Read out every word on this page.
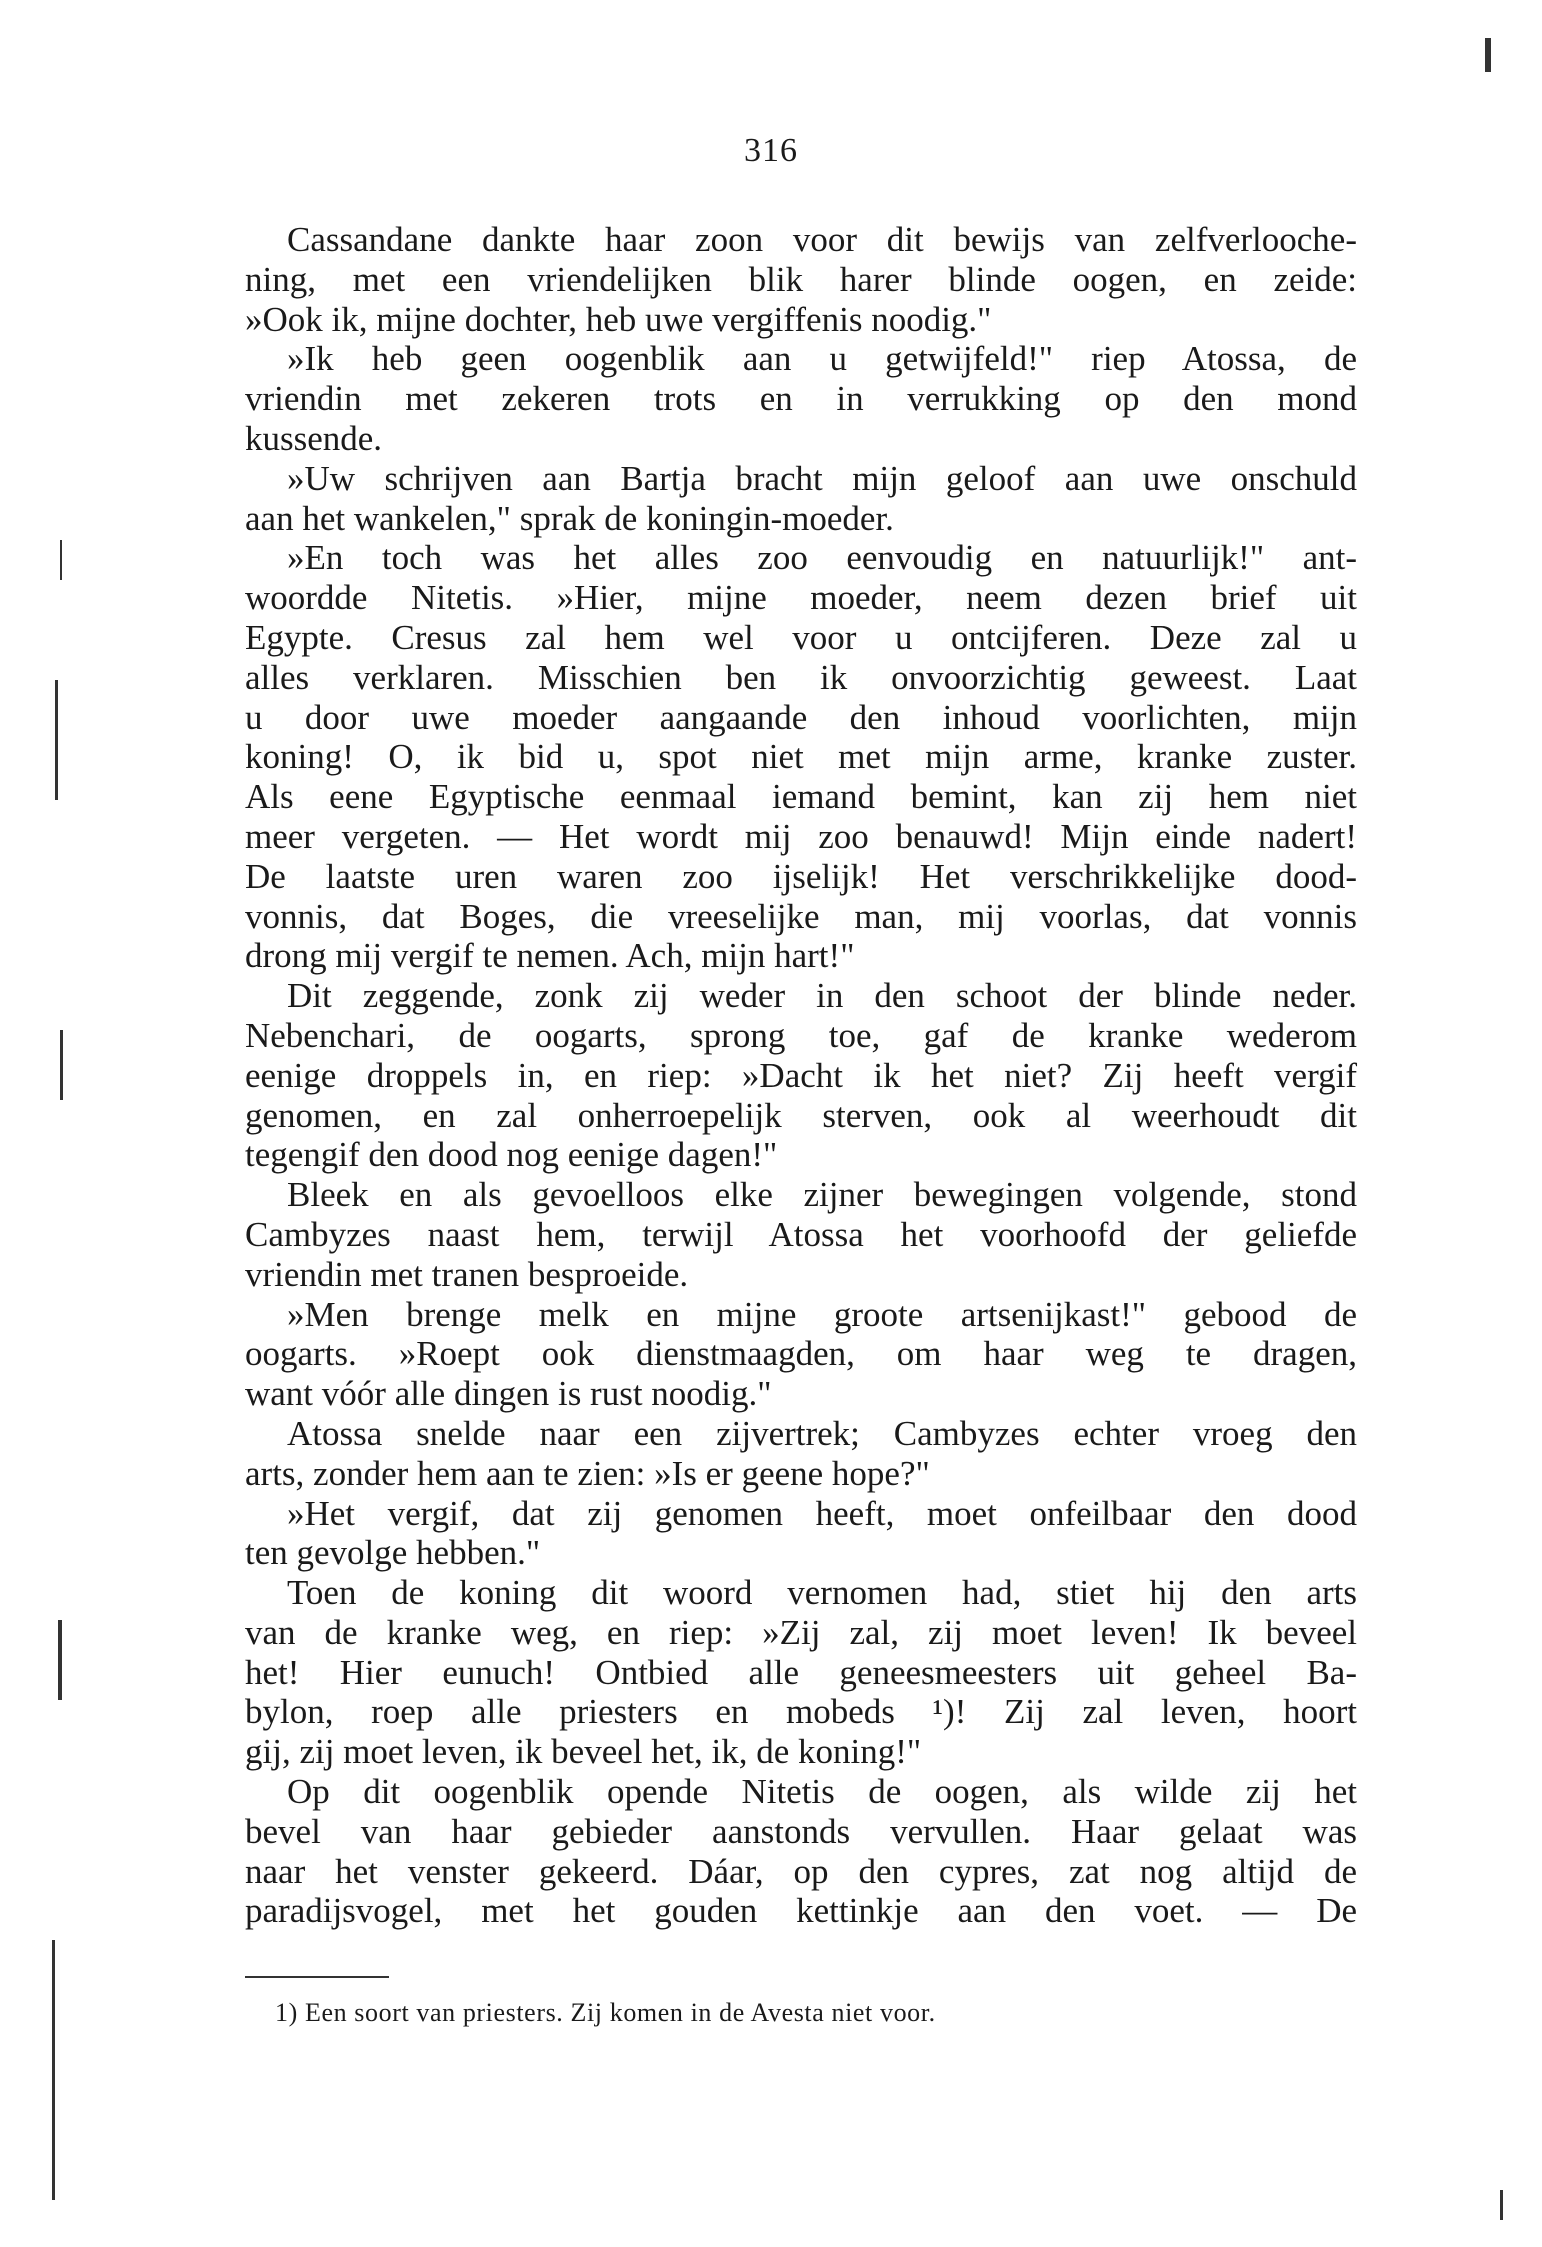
316
Cassandane dankte haar zoon voor dit bewijs van zelfverlooche-
ning, met een vriendelijken blik harer blinde oogen, en zeide:
»Ook ik, mijne dochter, heb uwe vergiffenis noodig."
»Ik heb geen oogenblik aan u getwijfeld!" riep Atossa, de
vriendin met zekeren trots en in verrukking op den mond
kussende.
»Uw schrijven aan Bartja bracht mijn geloof aan uwe onschuld
aan het wankelen," sprak de koningin-moeder.
»En toch was het alles zoo eenvoudig en natuurlijk!" ant-
woordde Nitetis. »Hier, mijne moeder, neem dezen brief uit
Egypte. Cresus zal hem wel voor u ontcijferen. Deze zal u
alles verklaren. Misschien ben ik onvoorzichtig geweest. Laat
u door uwe moeder aangaande den inhoud voorlichten, mijn
koning! O, ik bid u, spot niet met mijn arme, kranke zuster.
Als eene Egyptische eenmaal iemand bemint, kan zij hem niet
meer vergeten. — Het wordt mij zoo benauwd! Mijn einde nadert!
De laatste uren waren zoo ijselijk! Het verschrikkelijke dood-
vonnis, dat Boges, die vreeselijke man, mij voorlas, dat vonnis
drong mij vergif te nemen. Ach, mijn hart!"
Dit zeggende, zonk zij weder in den schoot der blinde neder.
Nebenchari, de oogarts, sprong toe, gaf de kranke wederom
eenige droppels in, en riep: »Dacht ik het niet? Zij heeft vergif
genomen, en zal onherroepelijk sterven, ook al weerhoudt dit
tegengif den dood nog eenige dagen!"
Bleek en als gevoelloos elke zijner bewegingen volgende, stond
Cambyzes naast hem, terwijl Atossa het voorhoofd der geliefde
vriendin met tranen besproeide.
»Men brenge melk en mijne groote artsenijkast!" gebood de
oogarts. »Roept ook dienstmaagden, om haar weg te dragen,
want vóór alle dingen is rust noodig."
Atossa snelde naar een zijvertrek; Cambyzes echter vroeg den
arts, zonder hem aan te zien: »Is er geene hope?"
»Het vergif, dat zij genomen heeft, moet onfeilbaar den dood
ten gevolge hebben."
Toen de koning dit woord vernomen had, stiet hij den arts
van de kranke weg, en riep: »Zij zal, zij moet leven! Ik beveel
het! Hier eunuch! Ontbied alle geneesmeesters uit geheel Ba-
bylon, roep alle priesters en mobeds ¹)! Zij zal leven, hoort
gij, zij moet leven, ik beveel het, ik, de koning!"
Op dit oogenblik opende Nitetis de oogen, als wilde zij het
bevel van haar gebieder aanstonds vervullen. Haar gelaat was
naar het venster gekeerd. Dáar, op den cypres, zat nog altijd de
paradijsvogel, met het gouden kettinkje aan den voet. — De
1) Een soort van priesters. Zij komen in de Avesta niet voor.
